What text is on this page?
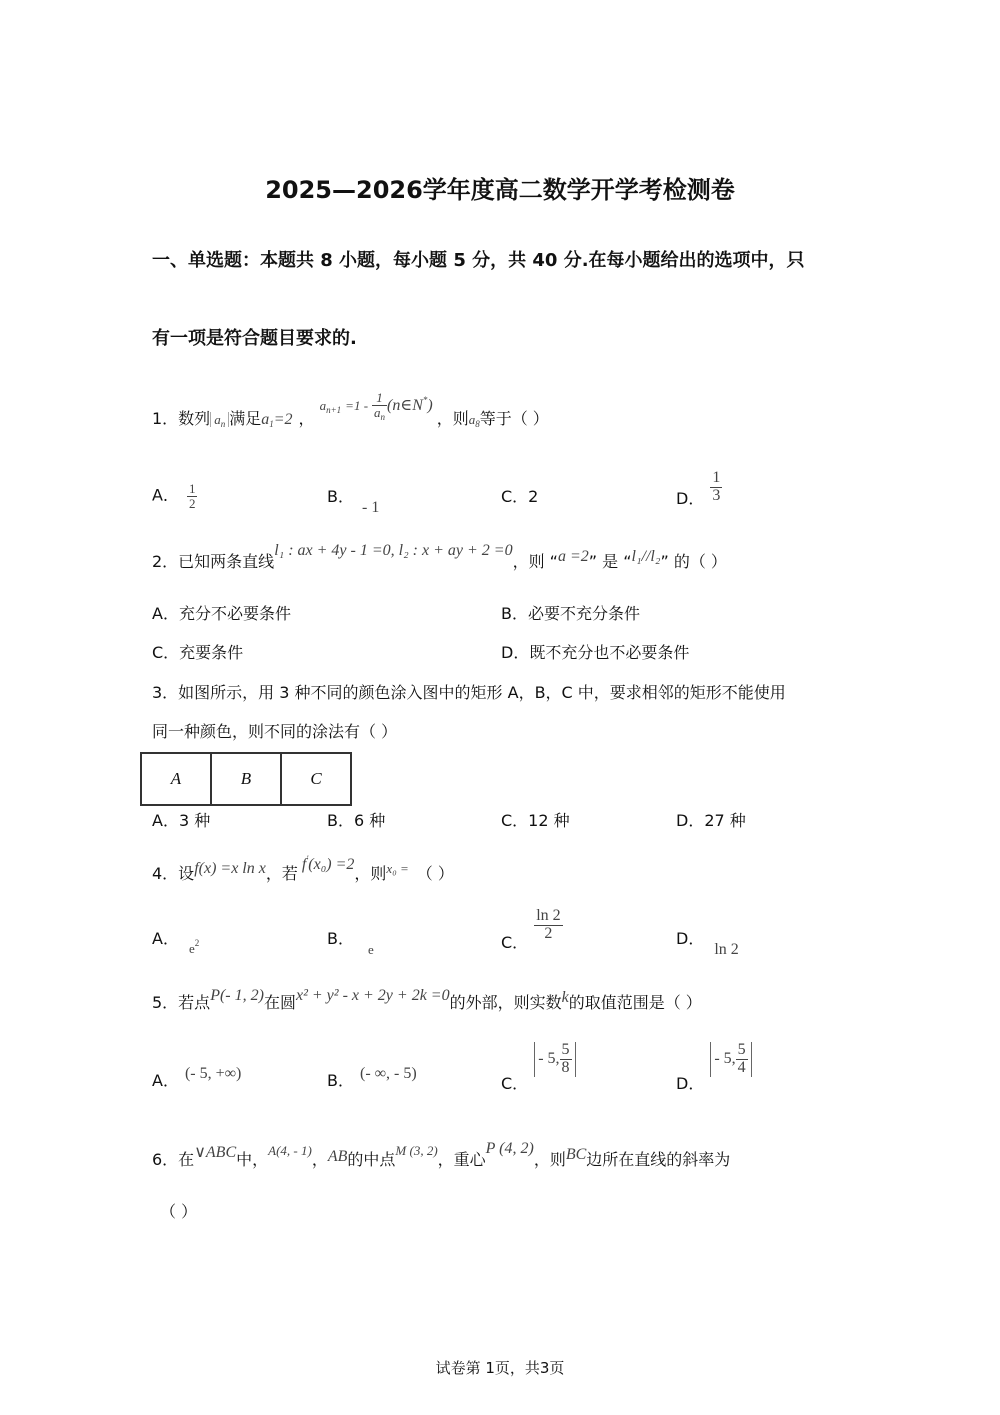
2025—2026学年度高二数学开学考检测卷
一、单选题：本题共 8 小题，每小题 5 分，共 40 分.在每小题给出的选项中，只
有一项是符合题目要求的.
1．数列 $a_n$ 满足$a_1=2$ ， $a_{n+1} =1 - \frac{1}{a_n}$ (n∈N*) ，则$a_8$等于（ ）
A． $\frac{1}{2}$	B．- 1
C．2	D． $\frac{1}{3}$
2．已知两条直线l₁ : ax + 4y - 1 =0, l₂ : x + ay + 2 =0，则 “a =2” 是 “l₁//l₂” 的（ ）
A．充分不必要条件	B．必要不充分条件
C．充要条件	D．既不充分也不必要条件
3．如图所示，用 3 种不同的颜色涂入图中的矩形 A，B，C 中，要求相邻的矩形不能使用
同一种颜色，则不同的涂法有（ ）
A	B	C
A．3 种	B．6 种	C．12 种	D．27 种
4．设f(x) =x ln x，若 f′(x₀) =2，则$^{x_0 =}$ （ ）
A．$_{e^2}$	B．$_e$	C． $\frac{\ln 2}{2}$	D．ln 2
5．若点P(- 1, 2)在圆x² + y² - x + 2y + 2k =0的外部，则实数k的取值范围是（ ）
A． (- 5, +∞)	B． (- ∞, - 5)
C．- 5, $\frac{5}{8}$
D．- 5, $\frac{5}{4}$
6．在∨ABC中，$^{A(4, - 1)}$，AB的中点$^{M (3, 2)}$，重心P (4, 2)，则BC边所在直线的斜率为
（ ）
试卷第 1页，共3页
